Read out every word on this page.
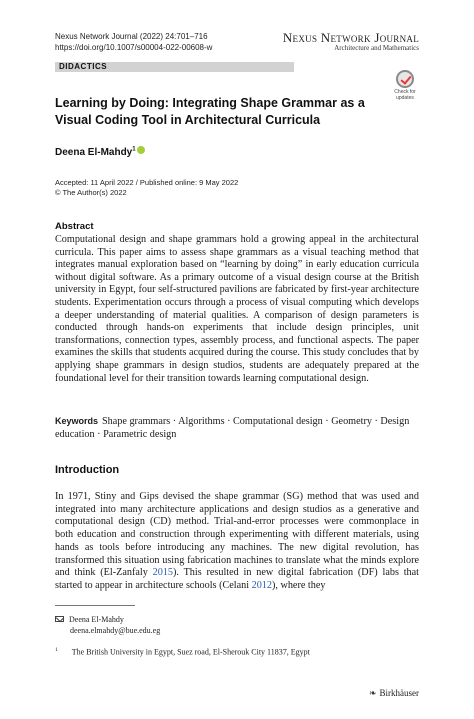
Nexus Network Journal (2022) 24:701–716
https://doi.org/10.1007/s00004-022-00608-w
Nexus Network Journal
Architecture and Mathematics
DIDACTICS
Check for
updates
Learning by Doing: Integrating Shape Grammar as a Visual Coding Tool in Architectural Curricula
Deena El-Mahdy$^1$
Accepted: 11 April 2022 / Published online: 9 May 2022
© The Author(s) 2022
Abstract

Computational design and shape grammars hold a growing appeal in the architectural curricula. This paper aims to assess shape grammars as a visual teaching method that integrates manual exploration based on “learning by doing” in early education curricula without digital software. As a primary outcome of a visual design course at the British university in Egypt, four self-structured pavilions are fabricated by first-year architecture students. Experimentation occurs through a process of visual computing which develops a deeper understanding of material qualities. A comparison of design parameters is conducted through hands-on experiments that include design principles, unit transformations, connection types, assembly process, and functional aspects. The paper examines the skills that students acquired during the course. This study concludes that by applying shape grammars in design studios, students are adequately prepared at the foundational level for their transition towards learning computational design.

Keywords Shape grammars · Algorithms · Computational design · Geometry · Design education · Parametric design

Introduction

In 1971, Stiny and Gips devised the shape grammar (SG) method that was used and integrated into many architecture applications and design studios as a generative and computational design (CD) method. Trial-and-error processes were commonplace in both education and construction through experimenting with different materials, using hands as tools before introducing any machines. The new digital revolution, has transformed this situation using fabrication machines to translate what the minds explore and think (El-Zanfaly 2015). This resulted in new digital fabrication (DF) labs that started to appear in architecture schools (Celani 2012), where they

Deena El-Mahdy
deena.elmahdy@bue.edu.eg
$^1$ The British University in Egypt, Suez road, El-Sherouk City 11837, Egypt
❧ Birkhäuser
